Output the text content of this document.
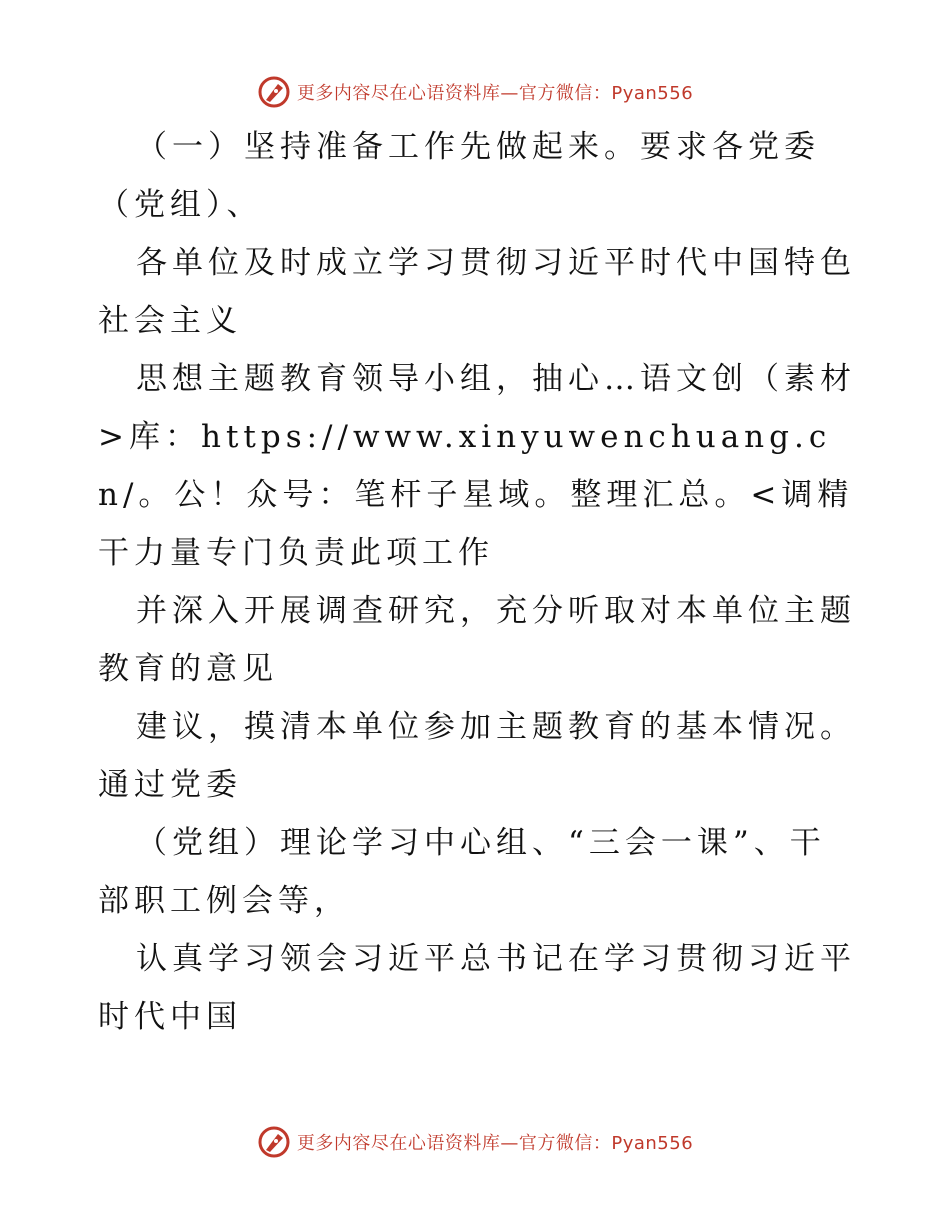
更多内容尽在心语资料库—官方微信：Pyan556

（一）坚持准备工作先做起来。要求各党委（党组）、

各单位及时成立学习贯彻习近平时代中国特色社会主义

思想主题教育领导小组，抽心…语文创（素材>库：https://www.xinyuwenchuang.cn/。公！众号：笔杆子星域。整理汇总。<调精干力量专门负责此项工作

并深入开展调查研究，充分听取对本单位主题教育的意见

建议，摸清本单位参加主题教育的基本情况。通过党委

（党组）理论学习中心组、“三会一课”、干部职工例会等，

认真学习领会习近平总书记在学习贯彻习近平时代中国

更多内容尽在心语资料库—官方微信：Pyan556
